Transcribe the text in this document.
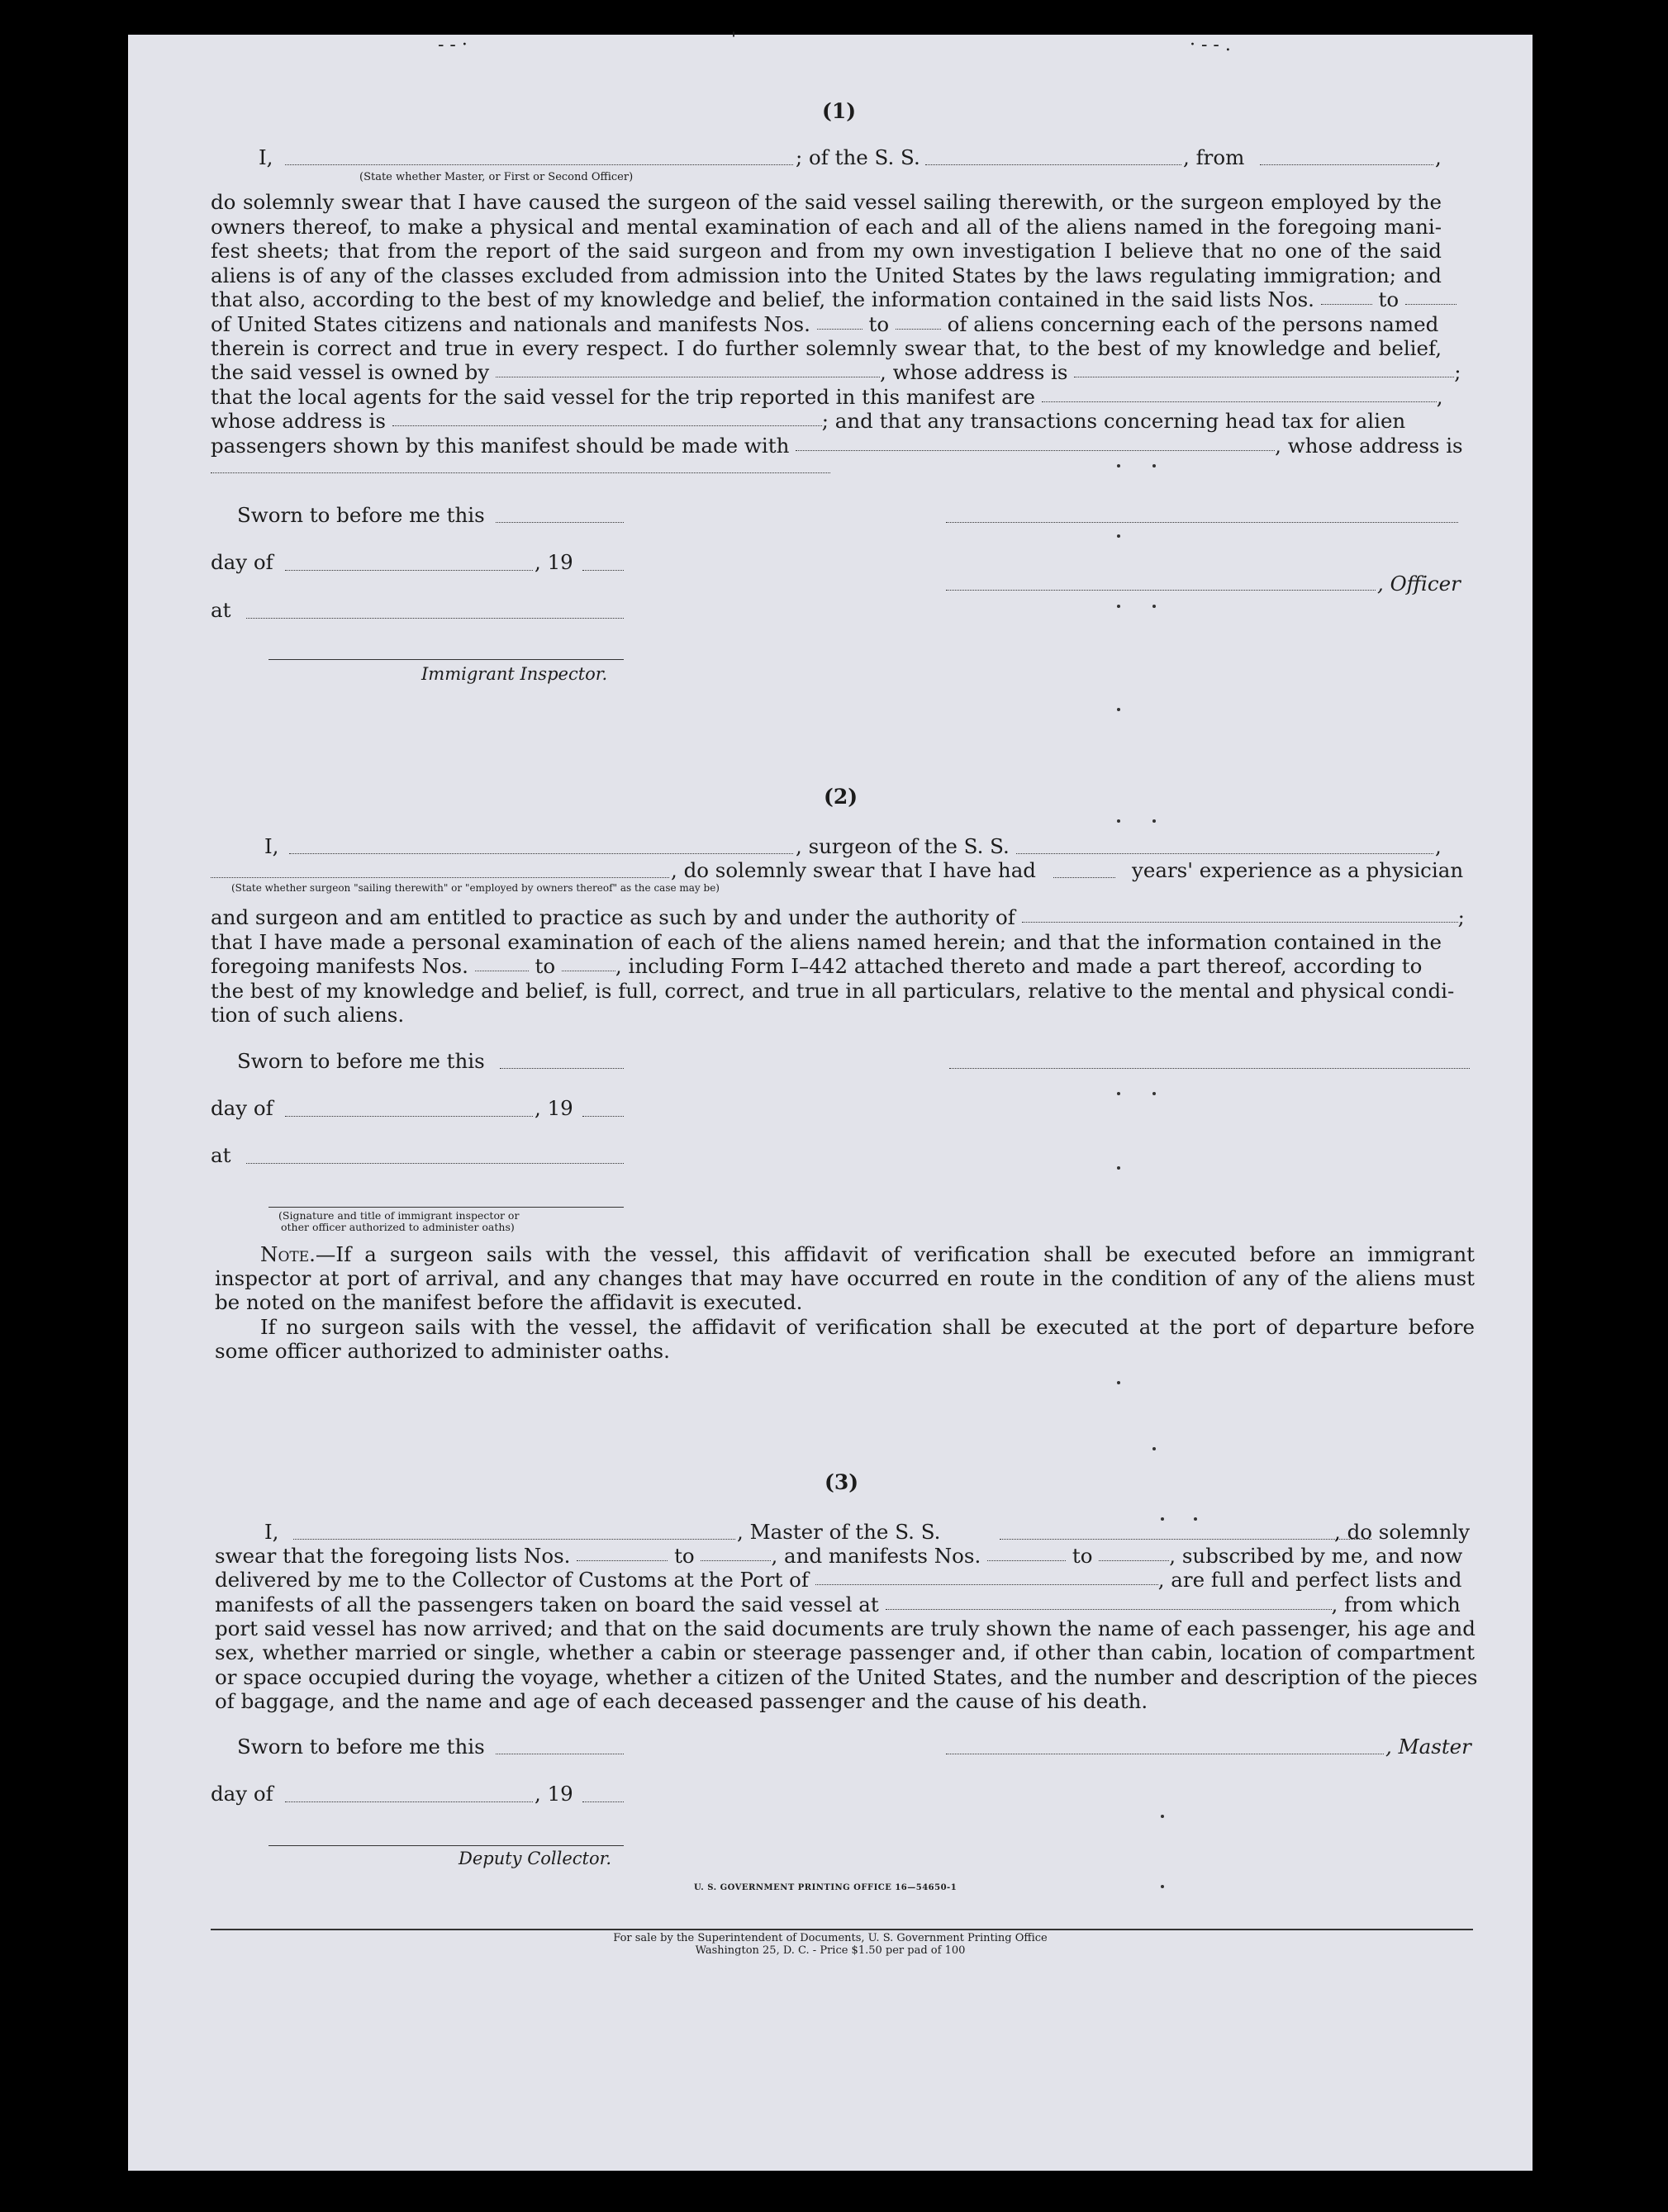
- - ·	'	· - - .
(1)
I,	; of the S. S.	, from	,
(State whether Master, or First or Second Officer)
do solemnly swear that I have caused the surgeon of the said vessel sailing therewith, or the surgeon employed by the
owners thereof, to make a physical and mental examination of each and all of the aliens named in the foregoing mani-
fest sheets; that from the report of the said surgeon and from my own investigation I believe that no one of the said
aliens is of any of the classes excluded from admission into the United States by the laws regulating immigration; and
that also, according to the best of my knowledge and belief, the information contained in the said lists Nos.	to
of United States citizens and nationals and manifests Nos.	to	of aliens concerning each of the persons named
therein is correct and true in every respect. I do further solemnly swear that, to the best of my knowledge and belief,
the said vessel is owned by	, whose address is	;
that the local agents for the said vessel for the trip reported in this manifest are	,
whose address is	; and that any transactions concerning head tax for alien
passengers shown by this manifest should be made with	, whose address is
Sworn to before me this
day of	, 19
at
Immigrant Inspector.
, Officer
(2)
I,	, surgeon of the S. S.	,
, do solemnly swear that I have had	years' experience as a physician
(State whether surgeon "sailing therewith" or "employed by owners thereof" as the case may be)
and surgeon and am entitled to practice as such by and under the authority of	;
that I have made a personal examination of each of the aliens named herein; and that the information contained in the
foregoing manifests Nos.	to	, including Form I–442 attached thereto and made a part thereof, according to
the best of my knowledge and belief, is full, correct, and true in all particulars, relative to the mental and physical condi-
tion of such aliens.
Sworn to before me this
day of	, 19
at
(Signature and title of immigrant inspector or
other officer authorized to administer oaths)
Note.—If a surgeon sails with the vessel, this affidavit of verification shall be executed before an immigrant
inspector at port of arrival, and any changes that may have occurred en route in the condition of any of the aliens must
be noted on the manifest before the affidavit is executed.
If no surgeon sails with the vessel, the affidavit of verification shall be executed at the port of departure before
some officer authorized to administer oaths.
(3)
I,	, Master of the S. S.	, do solemnly
swear that the foregoing lists Nos.	to	, and manifests Nos.	to	, subscribed by me, and now
delivered by me to the Collector of Customs at the Port of	, are full and perfect lists and
manifests of all the passengers taken on board the said vessel at	, from which
port said vessel has now arrived; and that on the said documents are truly shown the name of each passenger, his age and
sex, whether married or single, whether a cabin or steerage passenger and, if other than cabin, location of compartment
or space occupied during the voyage, whether a citizen of the United States, and the number and description of the pieces
of baggage, and the name and age of each deceased passenger and the cause of his death.
Sworn to before me this
day of	, 19
Deputy Collector.
, Master
U. S. GOVERNMENT PRINTING OFFICE 16—54650-1
For sale by the Superintendent of Documents, U. S. Government Printing Office
Washington 25, D. C. - Price $1.50 per pad of 100
